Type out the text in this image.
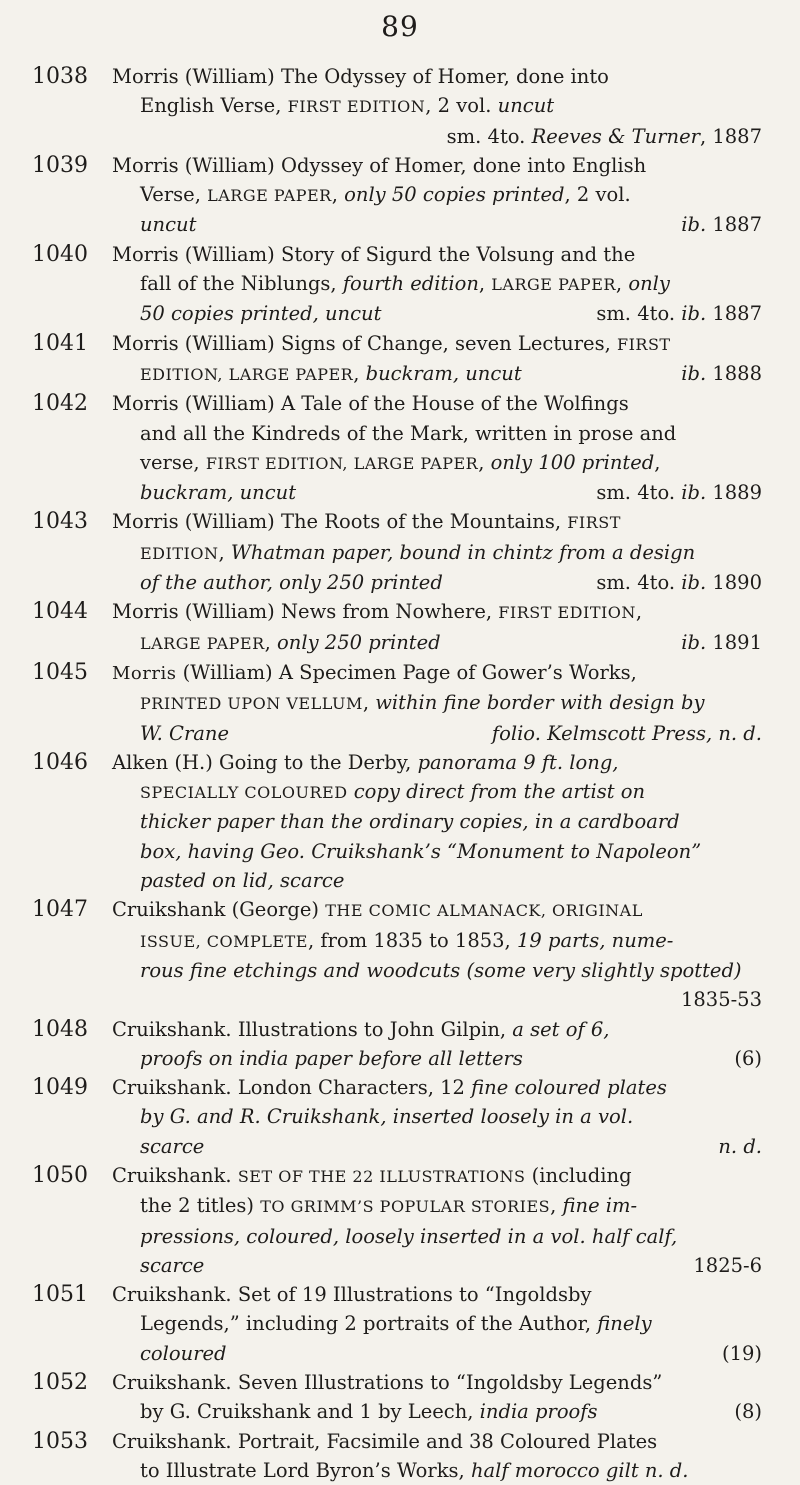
89
1038	Morris (William) The Odyssey of Homer, done into
English Verse, FIRST EDITION, 2 vol. uncut
sm. 4to. Reeves & Turner, 1887
1039	Morris (William) Odyssey of Homer, done into English
Verse, LARGE PAPER, only 50 copies printed, 2 vol.
uncut	ib. 1887
1040	Morris (William) Story of Sigurd the Volsung and the
fall of the Niblungs, fourth edition, LARGE PAPER, only
50 copies printed, uncut	sm. 4to. ib. 1887
1041	Morris (William) Signs of Change, seven Lectures, FIRST
EDITION, LARGE PAPER, buckram, uncut	ib. 1888
1042	Morris (William) A Tale of the House of the Wolfings
and all the Kindreds of the Mark, written in prose and
verse, FIRST EDITION, LARGE PAPER, only 100 printed,
buckram, uncut	sm. 4to. ib. 1889
1043	Morris (William) The Roots of the Mountains, FIRST
EDITION, Whatman paper, bound in chintz from a design
of the author, only 250 printed	sm. 4to. ib. 1890
1044	Morris (William) News from Nowhere, FIRST EDITION,
LARGE PAPER, only 250 printed	ib. 1891
1045	Morris (William) A Specimen Page of Gower’s Works,
PRINTED UPON VELLUM, within fine border with design by
W. Crane	folio. Kelmscott Press, n. d.
1046	Alken (H.) Going to the Derby, panorama 9 ft. long,
SPECIALLY COLOURED copy direct from the artist on
thicker paper than the ordinary copies, in a cardboard
box, having Geo. Cruikshank’s “Monument to Napoleon”
pasted on lid, scarce
1047	Cruikshank (George) THE COMIC ALMANACK, ORIGINAL
ISSUE, COMPLETE, from 1835 to 1853, 19 parts, nume-
rous fine etchings and woodcuts (some very slightly spotted)
1835-53
1048	Cruikshank. Illustrations to John Gilpin, a set of 6,
proofs on india paper before all letters	(6)
1049	Cruikshank. London Characters, 12 fine coloured plates
by G. and R. Cruikshank, inserted loosely in a vol.
scarce	n. d.
1050	Cruikshank. SET OF THE 22 ILLUSTRATIONS (including
the 2 titles) TO GRIMM’S POPULAR STORIES, fine im-
pressions, coloured, loosely inserted in a vol. half calf,
scarce	1825-6
1051	Cruikshank. Set of 19 Illustrations to “Ingoldsby
Legends,” including 2 portraits of the Author, finely
coloured	(19)
1052	Cruikshank. Seven Illustrations to “Ingoldsby Legends”
by G. Cruikshank and 1 by Leech, india proofs	(8)
1053	Cruikshank. Portrait, Facsimile and 38 Coloured Plates
to Illustrate Lord Byron’s Works, half morocco gilt n. d.
